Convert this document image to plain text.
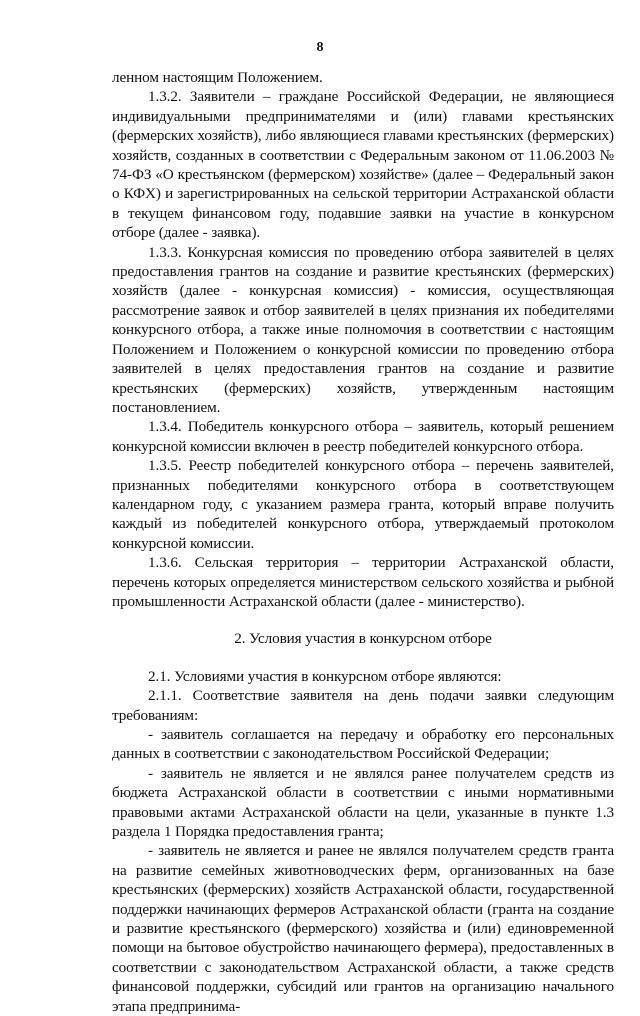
8

ленном настоящим Положением.

1.3.2. Заявители – граждане Российской Федерации, не являющиеся индивидуальными предпринимателями и (или) главами крестьянских (фермерских хозяйств), либо являющиеся главами крестьянских (фермерских) хозяйств, созданных в соответствии с Федеральным законом от 11.06.2003 № 74-ФЗ «О крестьянском (фермерском) хозяйстве» (далее – Федеральный закон о КФХ) и зарегистрированных на сельской территории Астраханской области в текущем финансовом году, подавшие заявки на участие в конкурсном отборе (далее - заявка).

1.3.3. Конкурсная комиссия по проведению отбора заявителей в целях предоставления грантов на создание и развитие крестьянских (фермерских) хозяйств (далее - конкурсная комиссия) - комиссия, осуществляющая рассмотрение заявок и отбор заявителей в целях признания их победителями конкурсного отбора, а также иные полномочия в соответствии с настоящим Положением и Положением о конкурсной комиссии по проведению отбора заявителей в целях предоставления грантов на создание и развитие крестьянских (фермерских) хозяйств, утвержденным настоящим постановлением.

1.3.4. Победитель конкурсного отбора – заявитель, который решением конкурсной комиссии включен в реестр победителей конкурсного отбора.

1.3.5. Реестр победителей конкурсного отбора – перечень заявителей, признанных победителями конкурсного отбора в соответствующем календарном году, с указанием размера гранта, который вправе получить каждый из победителей конкурсного отбора, утверждаемый протоколом конкурсной комиссии.

1.3.6. Сельская территория – территории Астраханской области, перечень которых определяется министерством сельского хозяйства и рыбной промышленности Астраханской области (далее - министерство).

2. Условия участия в конкурсном отборе

2.1. Условиями участия в конкурсном отборе являются:

2.1.1. Соответствие заявителя на день подачи заявки следующим требованиям:

- заявитель соглашается на передачу и обработку его персональных данных в соответствии с законодательством Российской Федерации;

- заявитель не является и не являлся ранее получателем средств из бюджета Астраханской области в соответствии с иными нормативными правовыми актами Астраханской области на цели, указанные в пункте 1.3 раздела 1 Порядка предоставления гранта;

- заявитель не является и ранее не являлся получателем средств гранта на развитие семейных животноводческих ферм, организованных на базе крестьянских (фермерских) хозяйств Астраханской области, государственной поддержки начинающих фермеров Астраханской области (гранта на создание и развитие крестьянского (фермерского) хозяйства и (или) единовременной помощи на бытовое обустройство начинающего фермера), предоставленных в соответствии с законодательством Астраханской области, а также средств финансовой поддержки, субсидий или грантов на организацию начального этапа предпринима-
